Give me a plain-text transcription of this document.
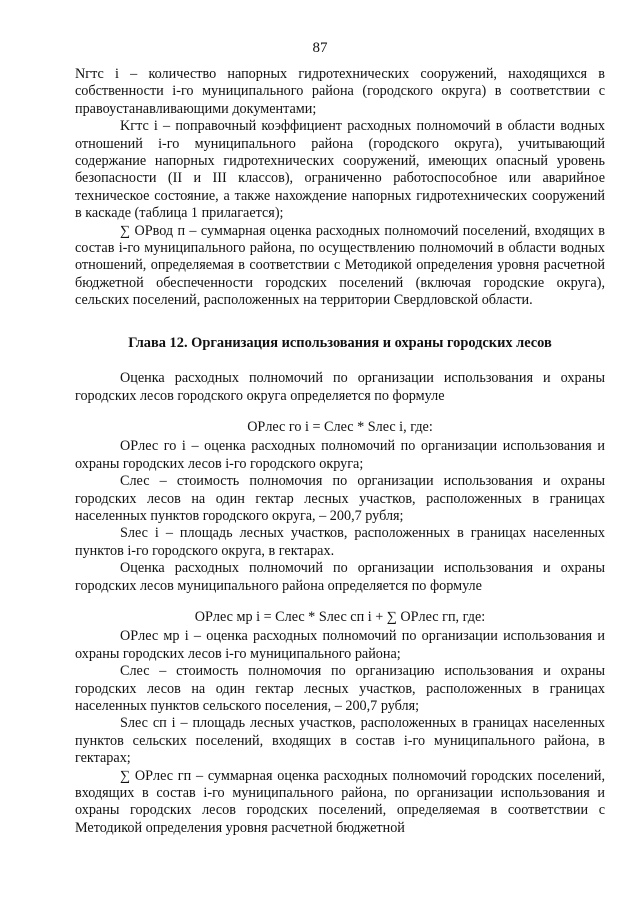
87

Nгтс i – количество напорных гидротехнических сооружений, находящихся в собственности i-го муниципального района (городского округа) в соответствии с правоустанавливающими документами;

Kгтс i – поправочный коэффициент расходных полномочий в области водных отношений i-го муниципального района (городского округа), учитывающий содержание напорных гидротехнических сооружений, имеющих опасный уровень безопасности (II и III классов), ограниченно работоспособное или аварийное техническое состояние, а также нахождение напорных гидротехнических сооружений в каскаде (таблица 1 прилагается);

∑ ОРвод п – суммарная оценка расходных полномочий поселений, входящих в состав i-го муниципального района, по осуществлению полномочий в области водных отношений, определяемая в соответствии с Методикой определения уровня расчетной бюджетной обеспеченности городских поселений (включая городские округа), сельских поселений, расположенных на территории Свердловской области.

Глава 12. Организация использования и охраны городских лесов

Оценка расходных полномочий по организации использования и охраны городских лесов городского округа определяется по формуле

ОРлес го i = Слес * Sлес i, где:

ОРлес го i – оценка расходных полномочий по организации использования и охраны городских лесов i-го городского округа;

Слес – стоимость полномочия по организации использования и охраны городских лесов на один гектар лесных участков, расположенных в границах населенных пунктов городского округа, – 200,7 рубля;

Sлес i – площадь лесных участков, расположенных в границах населенных пунктов i-го городского округа, в гектарах.

Оценка расходных полномочий по организации использования и охраны городских лесов муниципального района определяется по формуле

ОРлес мр i = Слес * Sлес сп i + ∑ ОРлес гп, где:

ОРлес мр i – оценка расходных полномочий по организации использования и охраны городских лесов i-го муниципального района;

Слес – стоимость полномочия по организацию использования и охраны городских лесов на один гектар лесных участков, расположенных в границах населенных пунктов сельского поселения, – 200,7 рубля;

Sлес сп i – площадь лесных участков, расположенных в границах населенных пунктов сельских поселений, входящих в состав i-го муниципального района, в гектарах;

∑ ОРлес гп – суммарная оценка расходных полномочий городских поселений, входящих в состав i-го муниципального района, по организации использования и охраны городских лесов городских поселений, определяемая в соответствии с Методикой определения уровня расчетной бюджетной
